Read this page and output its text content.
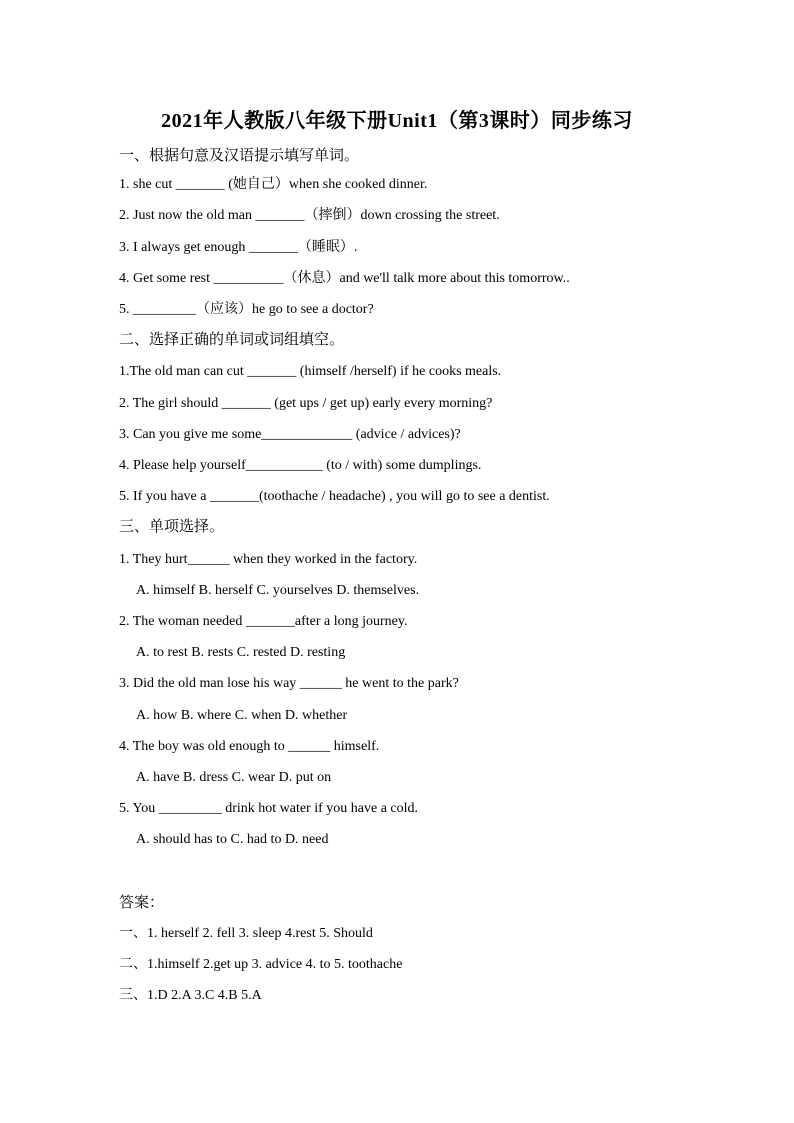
2021年人教版八年级下册Unit1（第3课时）同步练习
一、根据句意及汉语提示填写单词。
1. she cut _______ (她自己）when she cooked dinner.
2. Just now the old man _______（摔倒）down crossing the street.
3. I always get enough _______（睡眠）.
4. Get some rest __________（休息）and we'll talk more about this tomorrow..
5. _________（应该）he go to see a doctor?
二、选择正确的单词或词组填空。
1.The old man can cut _______ (himself /herself) if he cooks meals.
2. The girl should _______ (get ups / get up) early every morning?
3. Can you give me some_____________ (advice / advices)?
4. Please help yourself___________ (to / with) some dumplings.
5. If you have a _______(toothache / headache) , you will go to see a dentist.
三、单项选择。
1. They hurt______ when they worked in the factory.
A. himself B. herself C. yourselves D. themselves.
2. The woman needed _______after a long journey.
A. to rest B. rests C. rested D. resting
3. Did the old man lose his way ______ he went to the park?
A. how B. where C. when D. whether
4. The boy was old enough to ______ himself.
A. have B. dress C. wear D. put on
5. You _________ drink hot water if you have a cold.
A. should has to C. had to D. need
答案：
一、1. herself 2. fell 3. sleep 4.rest 5. Should
二、1.himself 2.get up 3. advice 4. to 5. toothache
三、1.D 2.A 3.C 4.B 5.A
